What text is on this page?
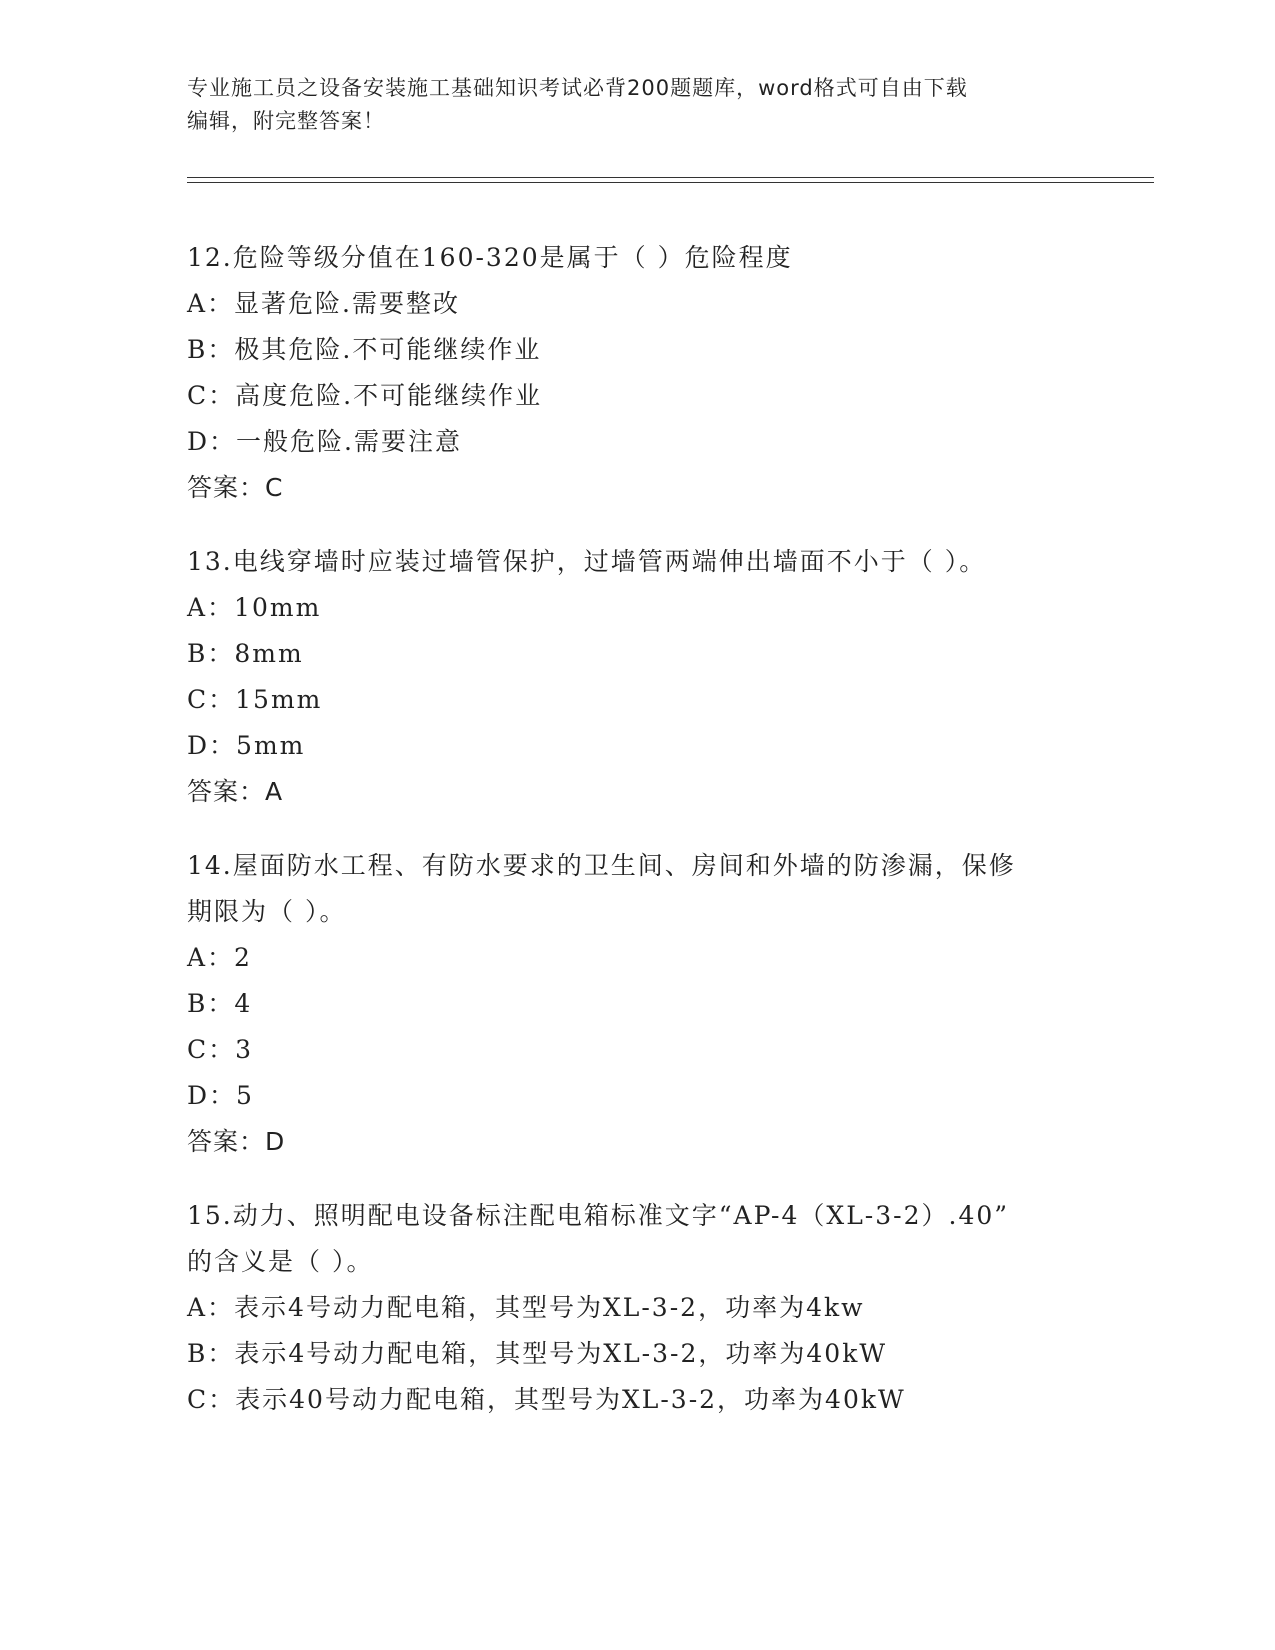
专业施工员之设备安装施工基础知识考试必背200题题库，word格式可自由下载

编辑，附完整答案！

12.危险等级分值在160-320是属于（ ）危险程度

A：显著危险.需要整改

B：极其危险.不可能继续作业

C：高度危险.不可能继续作业

D：一般危险.需要注意

答案：C

13.电线穿墙时应装过墙管保护，过墙管两端伸出墙面不小于（ ）。

A：10mm

B：8mm

C：15mm

D：5mm

答案：A

14.屋面防水工程、有防水要求的卫生间、房间和外墙的防渗漏，保修

期限为（ ）。

A：2

B：4

C：3

D：5

答案：D

15.动力、照明配电设备标注配电箱标准文字“AP-4（XL-3-2）.40”

的含义是（ ）。

A：表示4号动力配电箱，其型号为XL-3-2，功率为4kw

B：表示4号动力配电箱，其型号为XL-3-2，功率为40kW

C：表示40号动力配电箱，其型号为XL-3-2，功率为40kW
